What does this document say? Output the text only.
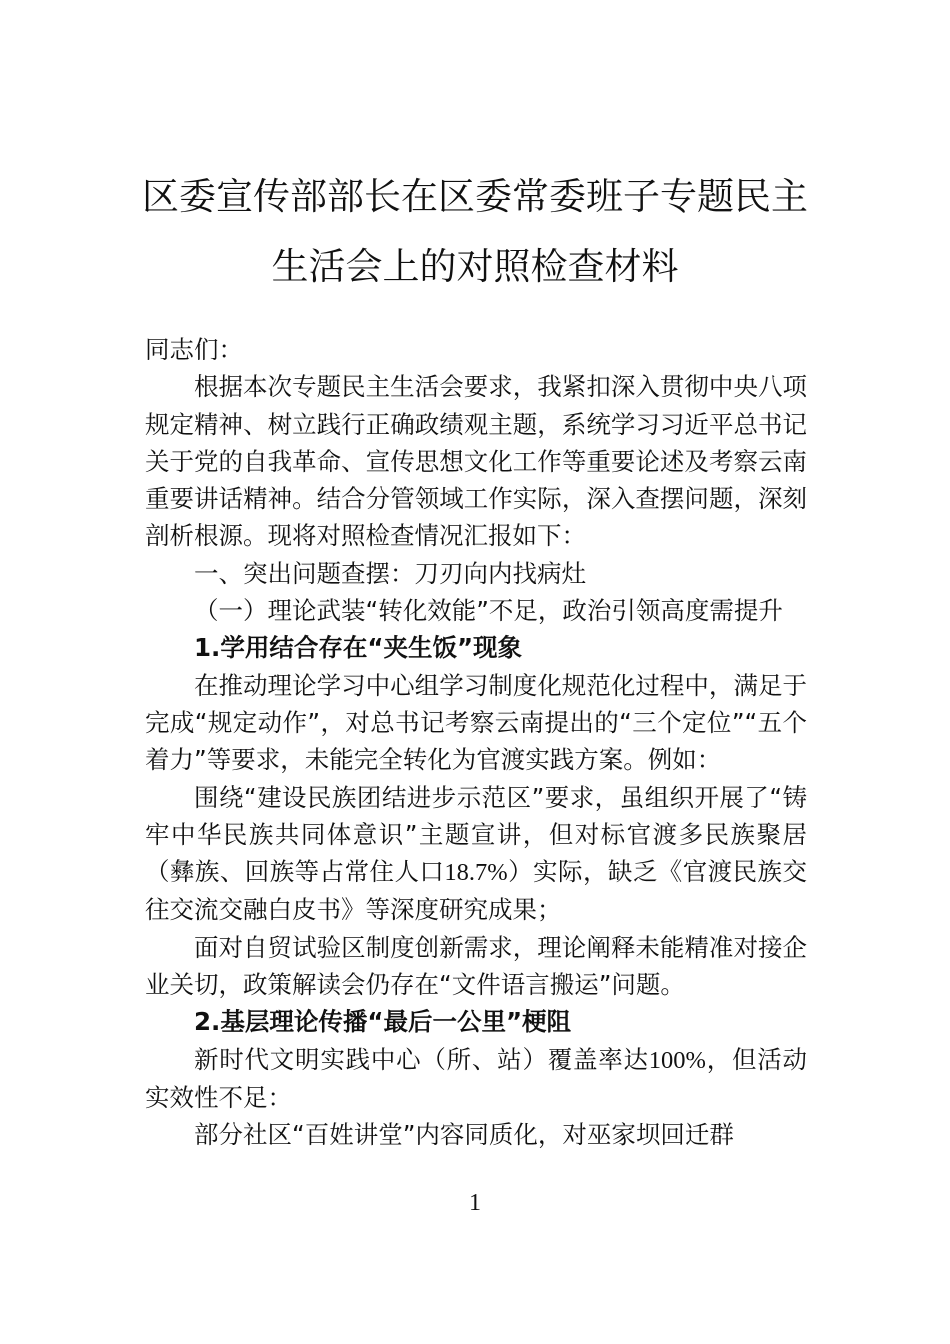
区委宣传部部长在区委常委班子专题民主
生活会上的对照检查材料

同志们：

根据本次专题民主生活会要求，我紧扣深入贯彻中央八项规定精神、树立践行正确政绩观主题，系统学习习近平总书记关于党的自我革命、宣传思想文化工作等重要论述及考察云南重要讲话精神。结合分管领域工作实际，深入查摆问题，深刻剖析根源。现将对照检查情况汇报如下：

一、突出问题查摆：刀刃向内找病灶

（一）理论武装“转化效能”不足，政治引领高度需提升

1.学用结合存在“夹生饭”现象

在推动理论学习中心组学习制度化规范化过程中，满足于完成“规定动作”，对总书记考察云南提出的“三个定位”“五个着力”等要求，未能完全转化为官渡实践方案。例如：

围绕“建设民族团结进步示范区”要求，虽组织开展了“铸牢中华民族共同体意识”主题宣讲，但对标官渡多民族聚居（彝族、回族等占常住人口18.7%）实际，缺乏《官渡民族交往交流交融白皮书》等深度研究成果；

面对自贸试验区制度创新需求，理论阐释未能精准对接企业关切，政策解读会仍存在“文件语言搬运”问题。

2.基层理论传播“最后一公里”梗阻

新时代文明实践中心（所、站）覆盖率达100%，但活动实效性不足：

部分社区“百姓讲堂”内容同质化，对巫家坝回迁群

1
